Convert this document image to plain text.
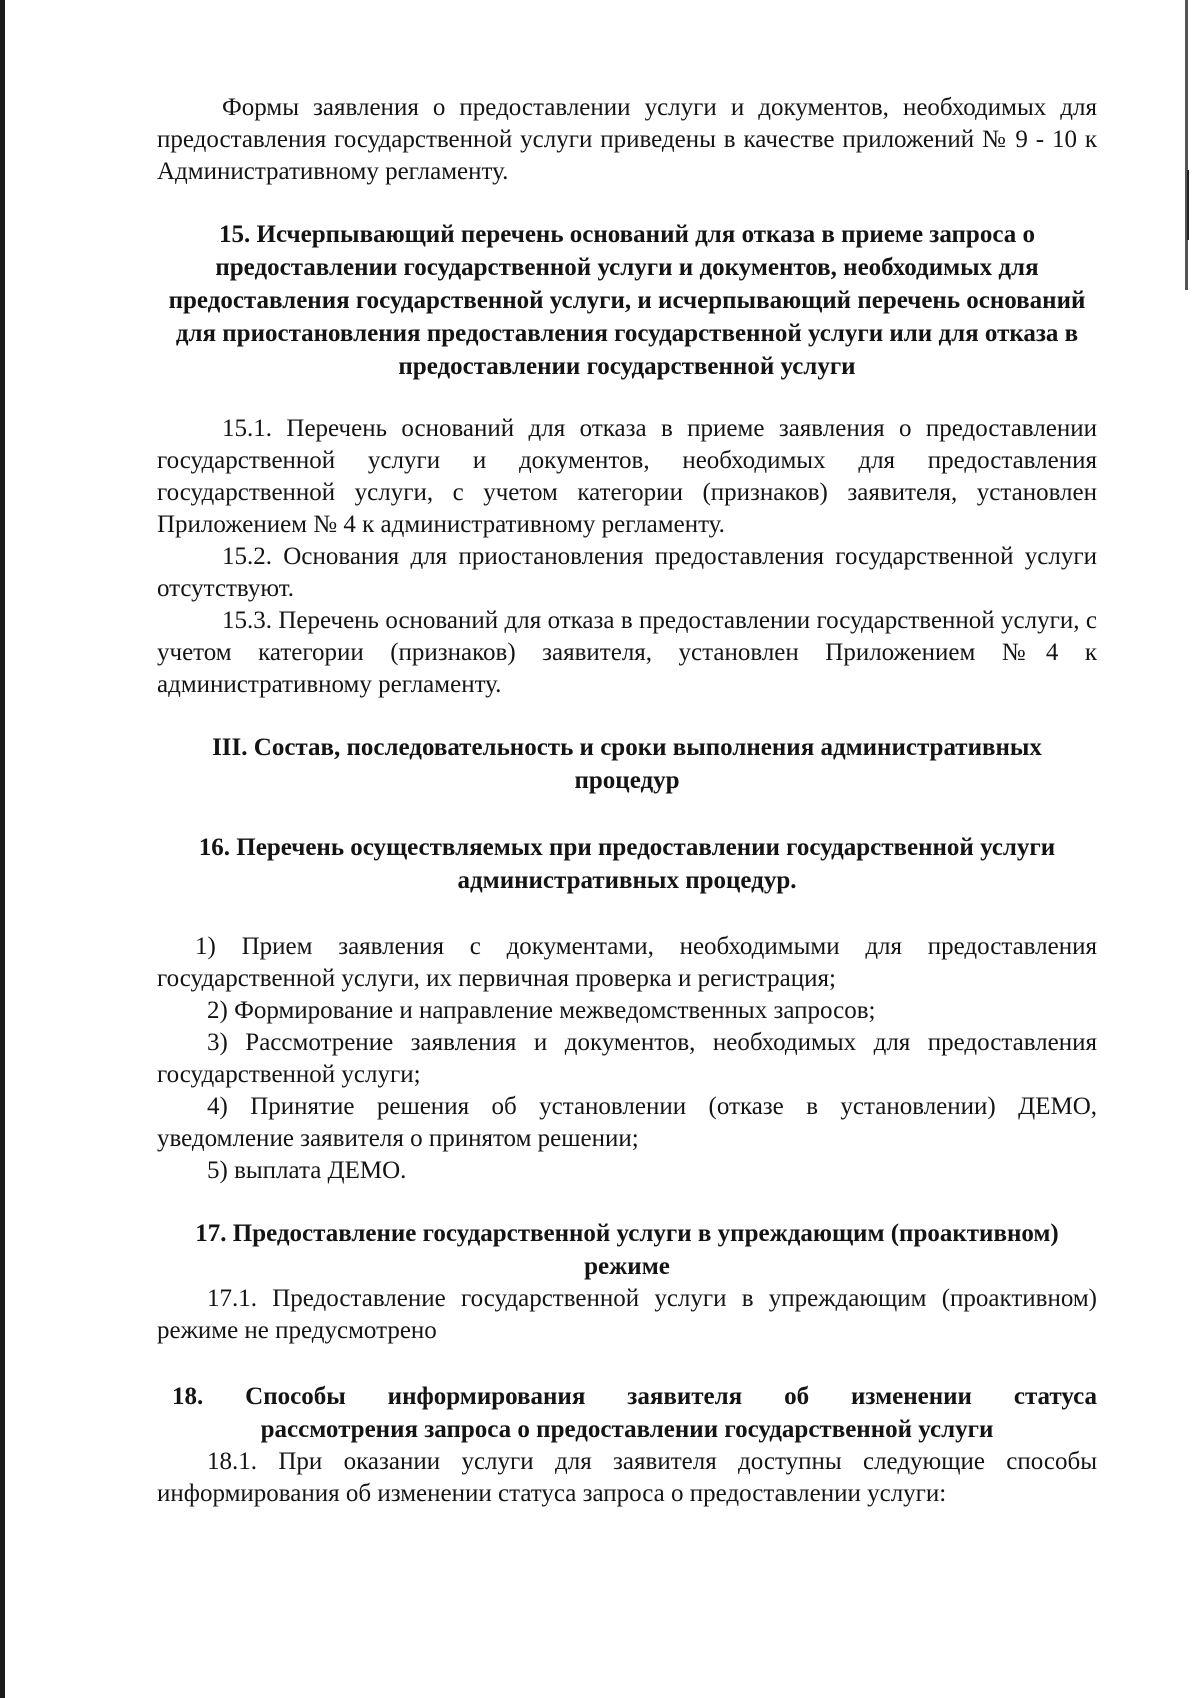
Формы заявления о предоставлении услуги и документов, необходимых для предоставления государственной услуги приведены в качестве приложений № 9 - 10 к Административному регламенту.

15. Исчерпывающий перечень оснований для отказа в приеме запроса о предоставлении государственной услуги и документов, необходимых для предоставления государственной услуги, и исчерпывающий перечень оснований для приостановления предоставления государственной услуги или для отказа в предоставлении государственной услуги

15.1. Перечень оснований для отказа в приеме заявления о предоставлении государственной услуги и документов, необходимых для предоставления государственной услуги, с учетом категории (признаков) заявителя, установлен Приложением № 4 к административному регламенту.

15.2. Основания для приостановления предоставления государственной услуги отсутствуют.

15.3. Перечень оснований для отказа в предоставлении государственной услуги, с учетом категории (признаков) заявителя, установлен Приложением №4 к административному регламенту.

III. Состав, последовательность и сроки выполнения административных процедур

16. Перечень осуществляемых при предоставлении государственной услуги административных процедур.

1) Прием заявления с документами, необходимыми для предоставления государственной услуги, их первичная проверка и регистрация;

2) Формирование и направление межведомственных запросов;

3) Рассмотрение заявления и документов, необходимых для предоставления государственной услуги;

4) Принятие решения об установлении (отказе в установлении) ДЕМО, уведомление заявителя о принятом решении;

5) выплата ДЕМО.

17. Предоставление государственной услуги в упреждающим (проактивном) режиме

17.1. Предоставление государственной услуги в упреждающим (проактивном) режиме не предусмотрено

18. Способы информирования заявителя об изменении статуса

рассмотрения запроса о предоставлении государственной услуги

18.1. При оказании услуги для заявителя доступны следующие способы информирования об изменении статуса запроса о предоставлении услуги:
